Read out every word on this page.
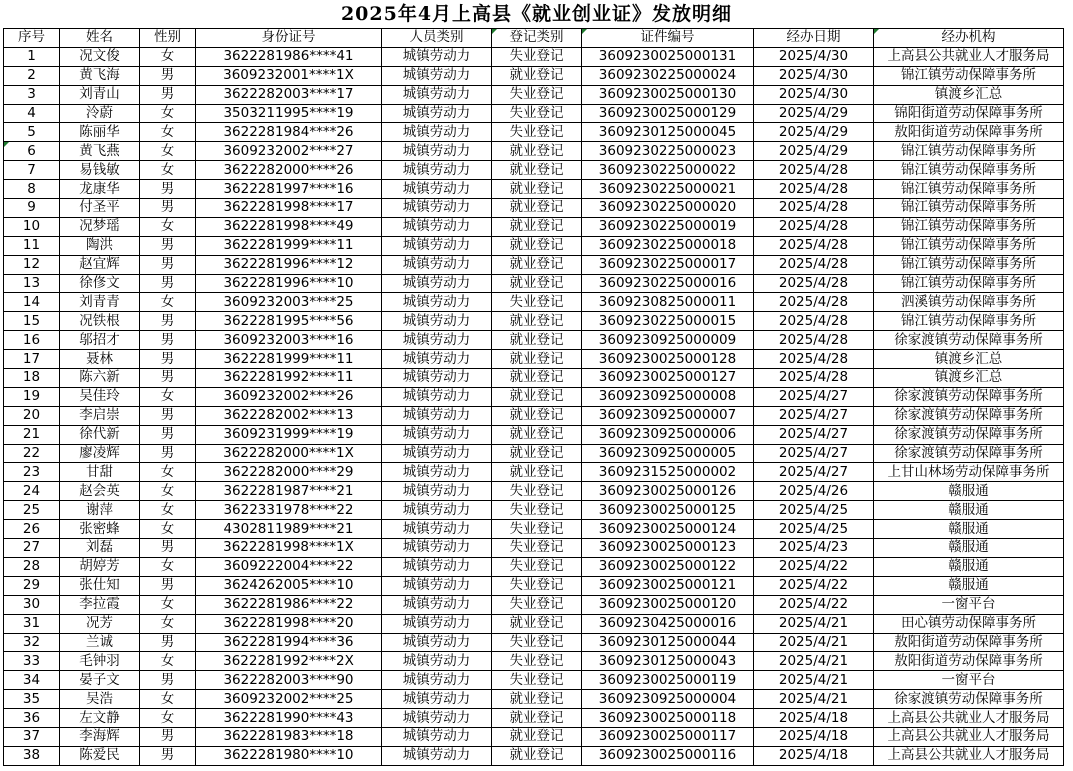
2025年4月上高县《就业创业证》发放明细
序号	姓名	性别	身份证号	人员类别	登记类别	证件编号	经办日期	经办机构
1	况文俊	女	3622281986****41	城镇劳动力	失业登记	3609230025000131	2025/4/30	上高县公共就业人才服务局
2	黄飞海	男	3609232001****1X	城镇劳动力	就业登记	3609230225000024	2025/4/30	锦江镇劳动保障事务所
3	刘青山	男	3622282003****17	城镇劳动力	失业登记	3609230025000130	2025/4/30	镇渡乡汇总
4	泠蔚	女	3503211995****19	城镇劳动力	失业登记	3609230025000129	2025/4/29	锦阳街道劳动保障事务所
5	陈丽华	女	3622281984****26	城镇劳动力	失业登记	3609230125000045	2025/4/29	敖阳街道劳动保障事务所
6	黄飞燕	女	3609232002****27	城镇劳动力	就业登记	3609230225000023	2025/4/29	锦江镇劳动保障事务所
7	易钱敏	女	3622282000****26	城镇劳动力	就业登记	3609230225000022	2025/4/28	锦江镇劳动保障事务所
8	龙康华	男	3622281997****16	城镇劳动力	就业登记	3609230225000021	2025/4/28	锦江镇劳动保障事务所
9	付圣平	男	3622281998****17	城镇劳动力	就业登记	3609230225000020	2025/4/28	锦江镇劳动保障事务所
10	况梦瑶	女	3622281998****49	城镇劳动力	就业登记	3609230225000019	2025/4/28	锦江镇劳动保障事务所
11	陶洪	男	3622281999****11	城镇劳动力	就业登记	3609230225000018	2025/4/28	锦江镇劳动保障事务所
12	赵宜辉	男	3622281996****12	城镇劳动力	就业登记	3609230225000017	2025/4/28	锦江镇劳动保障事务所
13	徐俢文	男	3622281996****10	城镇劳动力	就业登记	3609230225000016	2025/4/28	锦江镇劳动保障事务所
14	刘青青	女	3609232003****25	城镇劳动力	失业登记	3609230825000011	2025/4/28	泗溪镇劳动保障事务所
15	况铁根	男	3622281995****56	城镇劳动力	就业登记	3609230225000015	2025/4/28	锦江镇劳动保障事务所
16	邬招才	男	3609232003****16	城镇劳动力	就业登记	3609230925000009	2025/4/28	徐家渡镇劳动保障事务所
17	聂林	男	3622281999****11	城镇劳动力	就业登记	3609230025000128	2025/4/28	镇渡乡汇总
18	陈六新	男	3622281992****11	城镇劳动力	就业登记	3609230025000127	2025/4/28	镇渡乡汇总
19	吴佳玲	女	3609232002****26	城镇劳动力	就业登记	3609230925000008	2025/4/27	徐家渡镇劳动保障事务所
20	李启崇	男	3622282002****13	城镇劳动力	就业登记	3609230925000007	2025/4/27	徐家渡镇劳动保障事务所
21	徐代新	男	3609231999****19	城镇劳动力	就业登记	3609230925000006	2025/4/27	徐家渡镇劳动保障事务所
22	廖凌辉	男	3622282000****1X	城镇劳动力	就业登记	3609230925000005	2025/4/27	徐家渡镇劳动保障事务所
23	甘甜	女	3622282000****29	城镇劳动力	就业登记	3609231525000002	2025/4/27	上甘山林场劳动保障事务所
24	赵会英	女	3622281987****21	城镇劳动力	失业登记	3609230025000126	2025/4/26	赣服通
25	谢萍	女	3622331978****22	城镇劳动力	失业登记	3609230025000125	2025/4/25	赣服通
26	张密蜂	女	4302811989****21	城镇劳动力	失业登记	3609230025000124	2025/4/25	赣服通
27	刘磊	男	3622281998****1X	城镇劳动力	失业登记	3609230025000123	2025/4/23	赣服通
28	胡婷芳	女	3609222004****22	城镇劳动力	失业登记	3609230025000122	2025/4/22	赣服通
29	张仕知	男	3624262005****10	城镇劳动力	失业登记	3609230025000121	2025/4/22	赣服通
30	李拉霞	女	3622281986****22	城镇劳动力	失业登记	3609230025000120	2025/4/22	一窗平台
31	况芳	女	3622281998****20	城镇劳动力	就业登记	3609230425000016	2025/4/21	田心镇劳动保障事务所
32	兰诚	男	3622281994****36	城镇劳动力	失业登记	3609230125000044	2025/4/21	敖阳街道劳动保障事务所
33	毛钟羽	女	3622281992****2X	城镇劳动力	失业登记	3609230125000043	2025/4/21	敖阳街道劳动保障事务所
34	晏子文	男	3622282003****90	城镇劳动力	失业登记	3609230025000119	2025/4/21	一窗平台
35	吴浩	女	3609232002****25	城镇劳动力	就业登记	3609230925000004	2025/4/21	徐家渡镇劳动保障事务所
36	左文静	女	3622281990****43	城镇劳动力	就业登记	3609230025000118	2025/4/18	上高县公共就业人才服务局
37	李海辉	男	3622281983****18	城镇劳动力	就业登记	3609230025000117	2025/4/18	上高县公共就业人才服务局
38	陈爱民	男	3622281980****10	城镇劳动力	就业登记	3609230025000116	2025/4/18	上高县公共就业人才服务局
